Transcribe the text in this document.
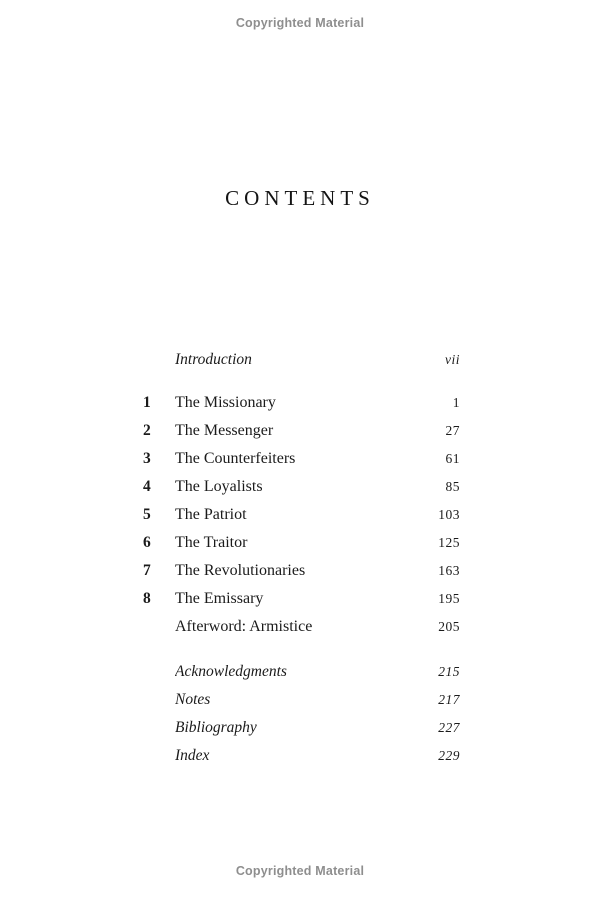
Copyrighted Material
CONTENTS
Introduction	vii
1	The Missionary	1
2	The Messenger	27
3	The Counterfeiters	61
4	The Loyalists	85
5	The Patriot	103
6	The Traitor	125
7	The Revolutionaries	163
8	The Emissary	195
Afterword: Armistice	205
Acknowledgments	215
Notes	217
Bibliography	227
Index	229
Copyrighted Material
